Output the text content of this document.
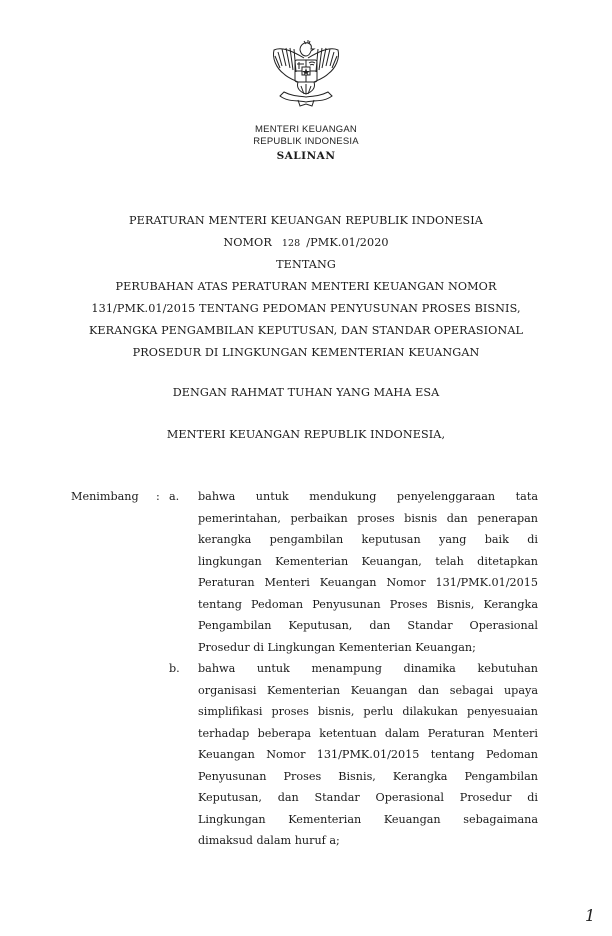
MENTERI KEUANGAN
REPUBLIK INDONESIA
SALINAN
PERATURAN MENTERI KEUANGAN REPUBLIK INDONESIA
NOMOR 128 /PMK.01/2020
TENTANG
PERUBAHAN ATAS PERATURAN MENTERI KEUANGAN NOMOR
131/PMK.01/2015 TENTANG PEDOMAN PENYUSUNAN PROSES BISNIS,
KERANGKA PENGAMBILAN KEPUTUSAN, DAN STANDAR OPERASIONAL
PROSEDUR DI LINGKUNGAN KEMENTERIAN KEUANGAN
DENGAN RAHMAT TUHAN YANG MAHA ESA
MENTERI KEUANGAN REPUBLIK INDONESIA,
Menimbang : a. bahwa untuk mendukung penyelenggaraan tata
pemerintahan, perbaikan proses bisnis dan penerapan
kerangka pengambilan keputusan yang baik di
lingkungan Kementerian Keuangan, telah ditetapkan
Peraturan Menteri Keuangan Nomor 131/PMK.01/2015
tentang Pedoman Penyusunan Proses Bisnis, Kerangka
Pengambilan Keputusan, dan Standar Operasional
Prosedur di Lingkungan Kementerian Keuangan;
b. bahwa untuk menampung dinamika kebutuhan
organisasi Kementerian Keuangan dan sebagai upaya
simplifikasi proses bisnis, perlu dilakukan penyesuaian
terhadap beberapa ketentuan dalam Peraturan Menteri
Keuangan Nomor 131/PMK.01/2015 tentang Pedoman
Penyusunan Proses Bisnis, Kerangka Pengambilan
Keputusan, dan Standar Operasional Prosedur di
Lingkungan Kementerian Keuangan sebagaimana
dimaksud dalam huruf a;
1
